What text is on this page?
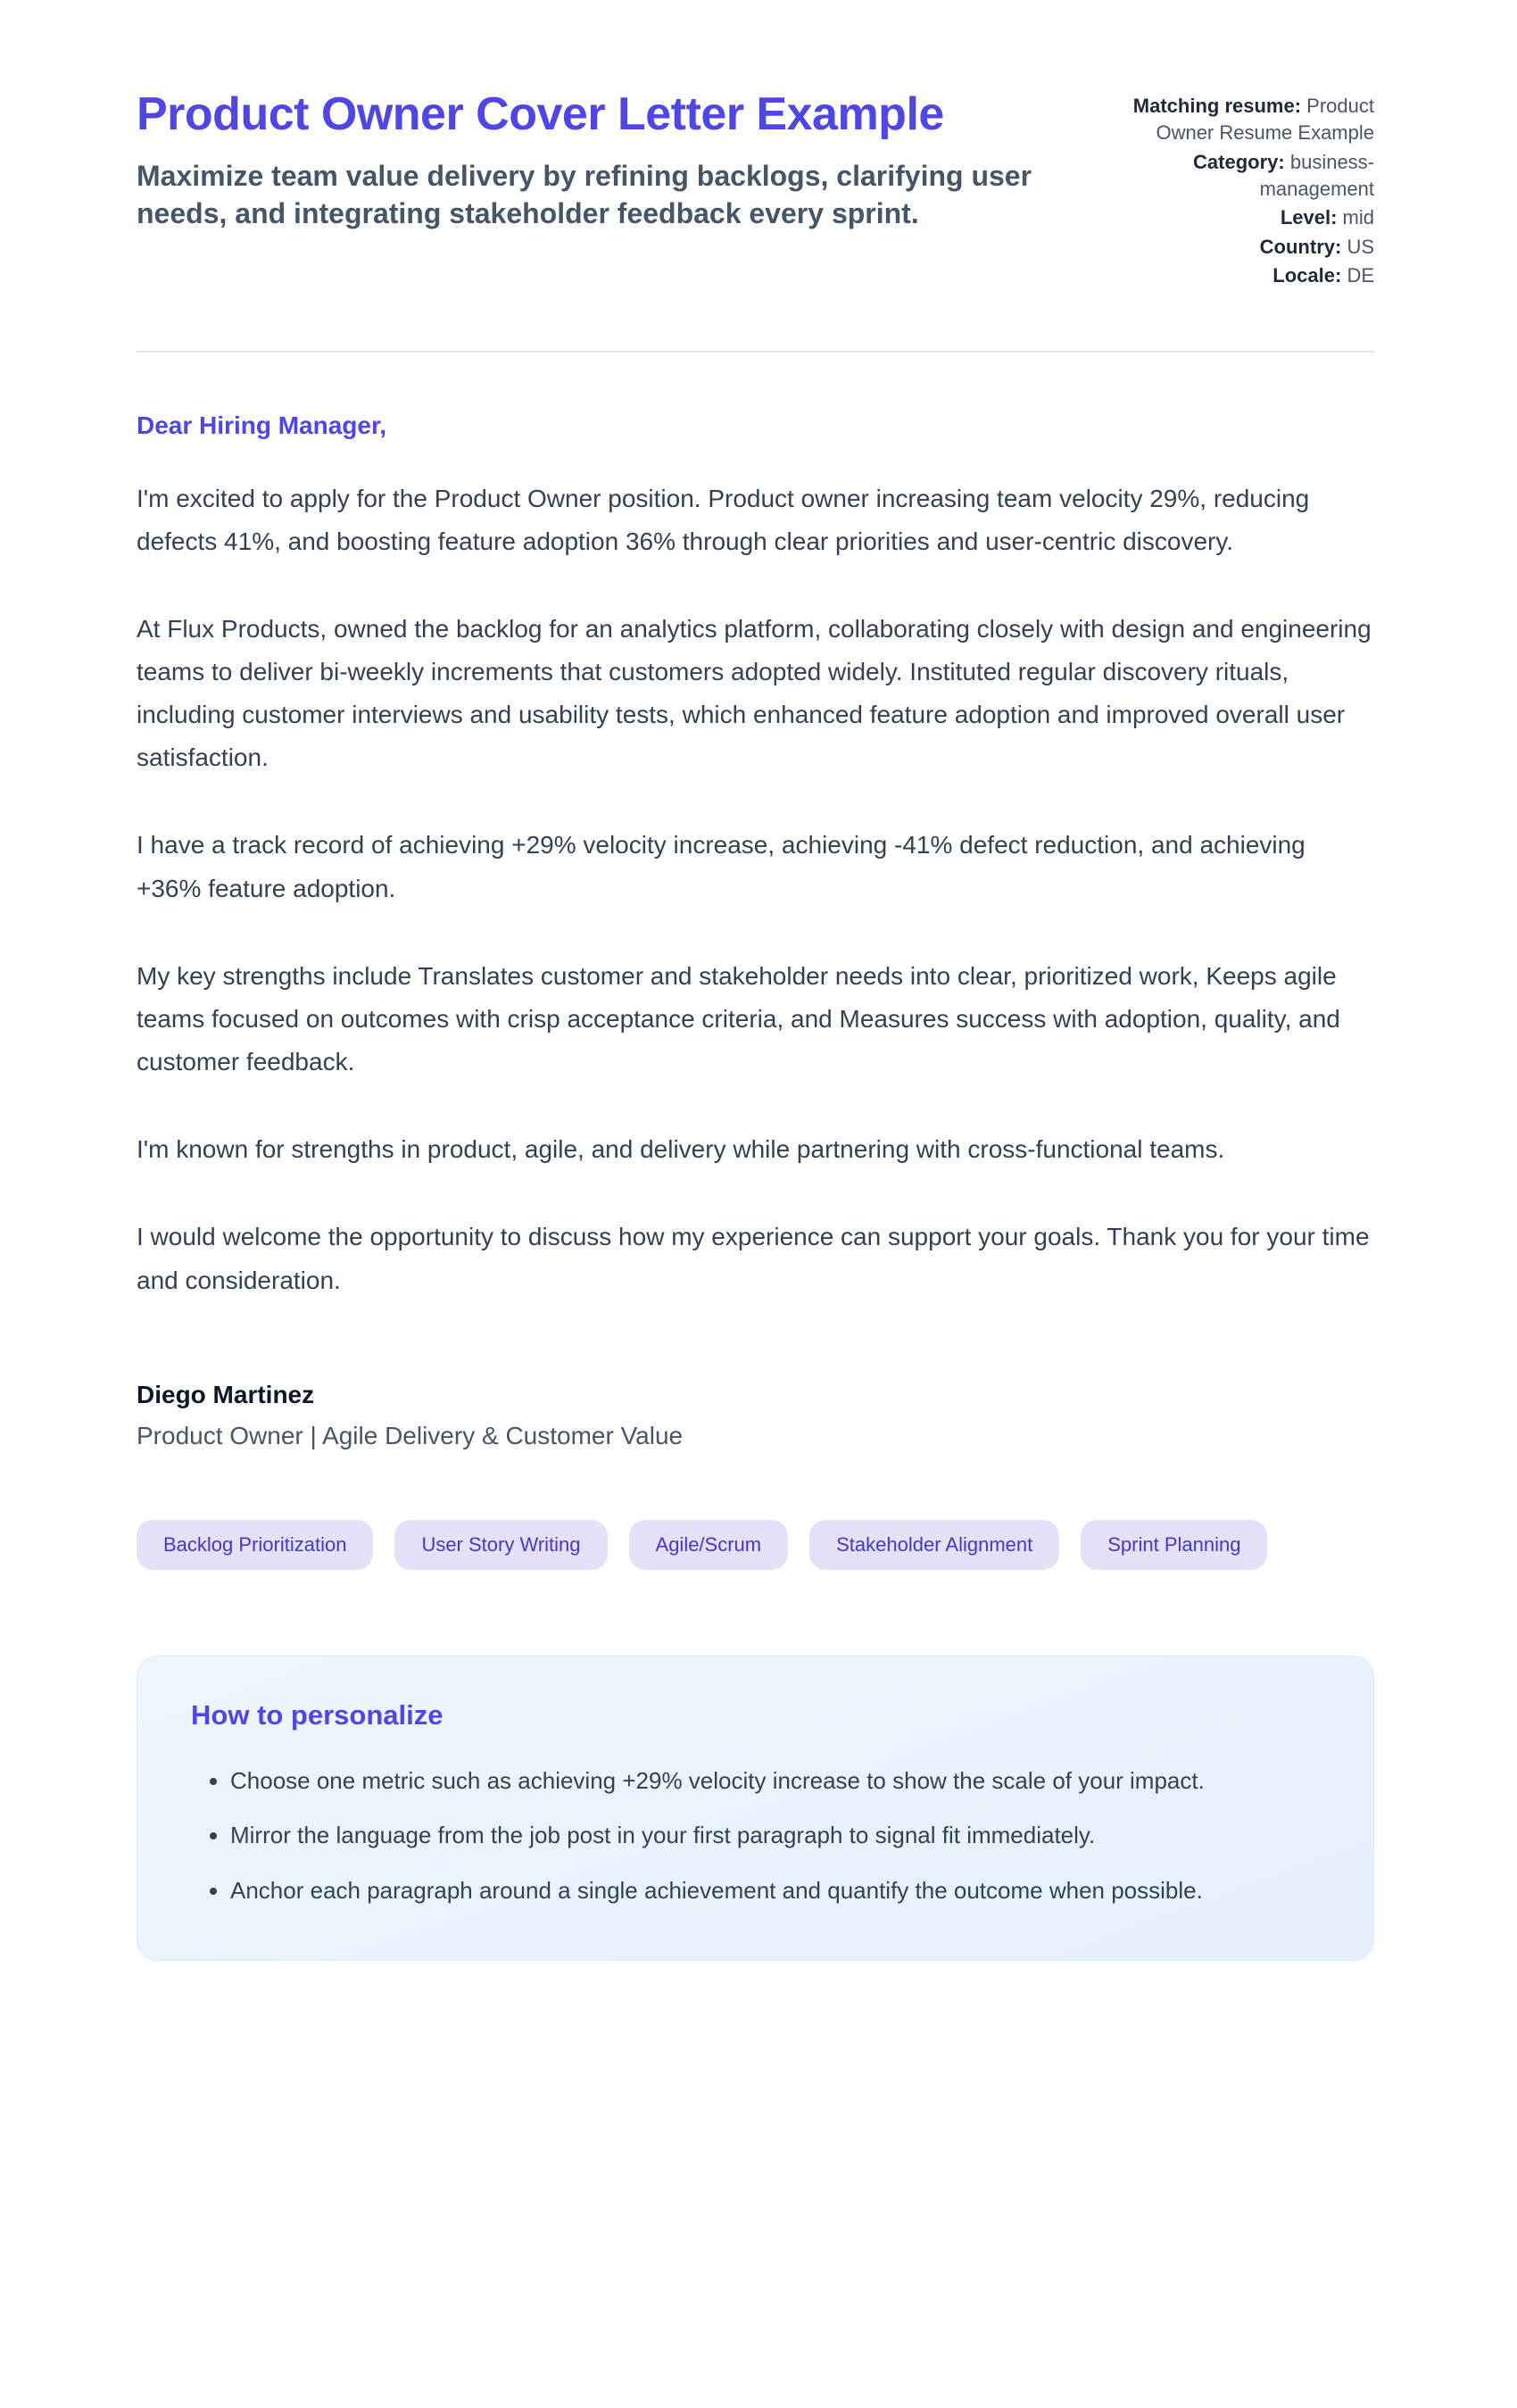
Product Owner Cover Letter Example

Maximize team value delivery by refining backlogs, clarifying user needs, and integrating stakeholder feedback every sprint.

Matching resume: Product Owner Resume Example
Category: business-management
Level: mid
Country: US
Locale: DE

Dear Hiring Manager,

I'm excited to apply for the Product Owner position. Product owner increasing team velocity 29%, reducing defects 41%, and boosting feature adoption 36% through clear priorities and user-centric discovery.

At Flux Products, owned the backlog for an analytics platform, collaborating closely with design and engineering teams to deliver bi-weekly increments that customers adopted widely. Instituted regular discovery rituals, including customer interviews and usability tests, which enhanced feature adoption and improved overall user satisfaction.

I have a track record of achieving +29% velocity increase, achieving -41% defect reduction, and achieving +36% feature adoption.

My key strengths include Translates customer and stakeholder needs into clear, prioritized work, Keeps agile teams focused on outcomes with crisp acceptance criteria, and Measures success with adoption, quality, and customer feedback.

I'm known for strengths in product, agile, and delivery while partnering with cross-functional teams.

I would welcome the opportunity to discuss how my experience can support your goals. Thank you for your time and consideration.

Diego Martinez

Product Owner | Agile Delivery & Customer Value

Backlog Prioritization	User Story Writing	Agile/Scrum	Stakeholder Alignment	Sprint Planning
How to personalize
• Choose one metric such as achieving +29% velocity increase to show the scale of your impact.
• Mirror the language from the job post in your first paragraph to signal fit immediately.
• Anchor each paragraph around a single achievement and quantify the outcome when possible.
